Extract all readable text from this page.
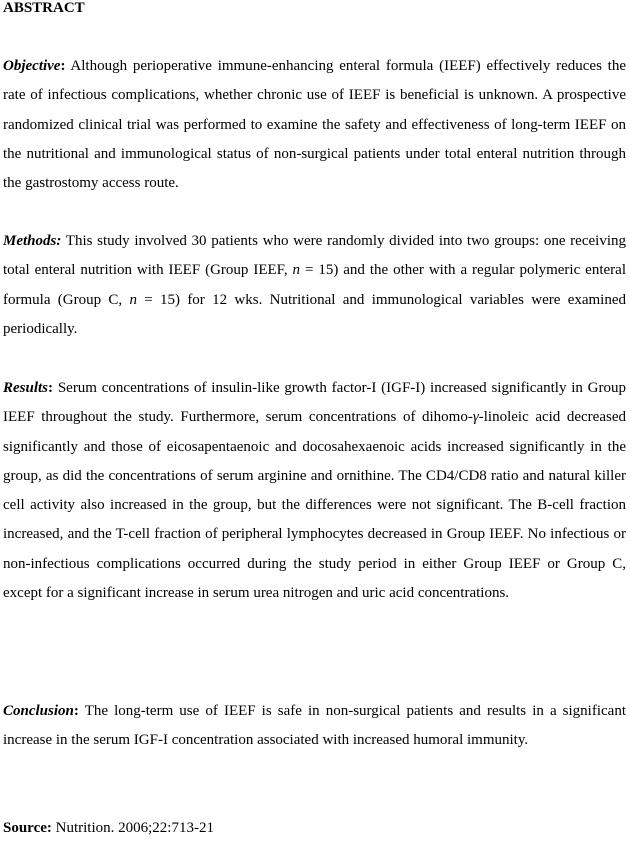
ABSTRACT

Objective: Although perioperative immune-enhancing enteral formula (IEEF) effectively reduces the rate of infectious complications, whether chronic use of IEEF is beneficial is unknown. A prospective randomized clinical trial was performed to examine the safety and effectiveness of long-term IEEF on the nutritional and immunological status of non-surgical patients under total enteral nutrition through the gastrostomy access route.

Methods: This study involved 30 patients who were randomly divided into two groups: one receiving total enteral nutrition with IEEF (Group IEEF, n = 15) and the other with a regular polymeric enteral formula (Group C, n = 15) for 12 wks. Nutritional and immunological variables were examined periodically.

Results: Serum concentrations of insulin-like growth factor-I (IGF-I) increased significantly in Group IEEF throughout the study. Furthermore, serum concentrations of dihomo-γ-linoleic acid decreased significantly and those of eicosapentaenoic and docosahexaenoic acids increased significantly in the group, as did the concentrations of serum arginine and ornithine. The CD4/CD8 ratio and natural killer cell activity also increased in the group, but the differences were not significant. The B-cell fraction increased, and the T-cell fraction of peripheral lymphocytes decreased in Group IEEF. No infectious or non-infectious complications occurred during the study period in either Group IEEF or Group C, except for a significant increase in serum urea nitrogen and uric acid concentrations.

Conclusion: The long-term use of IEEF is safe in non-surgical patients and results in a significant increase in the serum IGF-I concentration associated with increased humoral immunity.

Source: Nutrition. 2006;22:713-21
